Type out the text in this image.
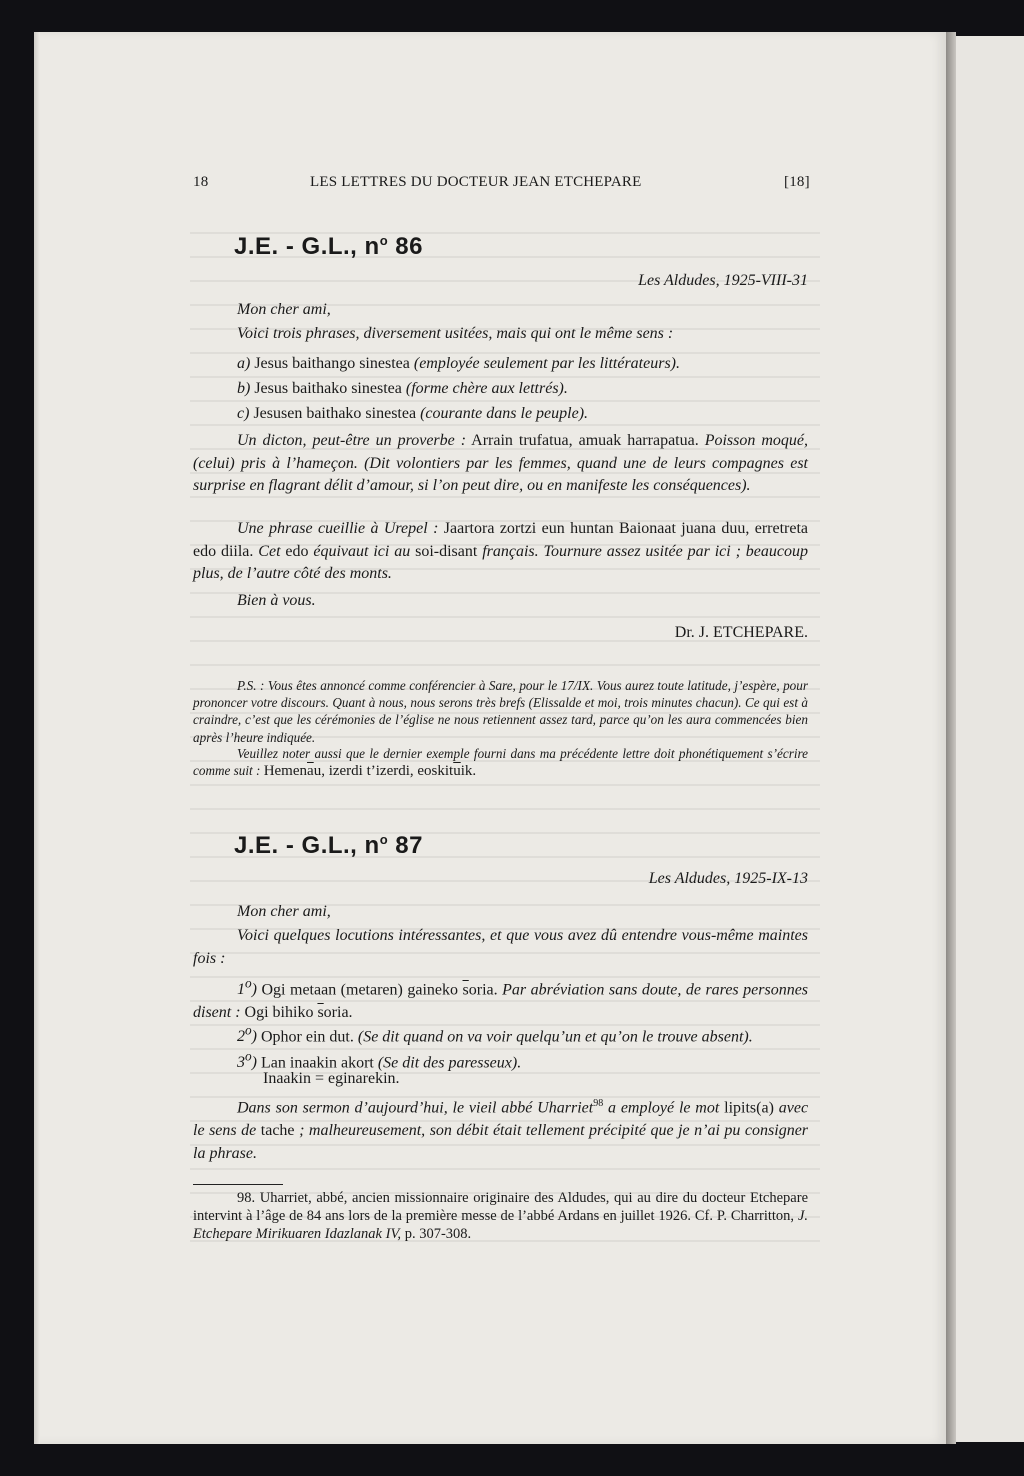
18	LES LETTRES DU DOCTEUR JEAN ETCHEPARE	[18]
J.E. - G.L., $n^o$ 86
Les Aldudes, 1925-VIII-31
Mon cher ami,
Voici trois phrases, diversement usitées, mais qui ont le même sens :
a) Jesus baithango sinestea (employée seulement par les littérateurs).
b) Jesus baithako sinestea (forme chère aux lettrés).
c) Jesusen baithako sinestea (courante dans le peuple).
Un dicton, peut-être un proverbe : Arrain trufatua, amuak harrapatua. Poisson moqué, (celui) pris à l’hameçon. (Dit volontiers par les femmes, quand une de leurs compagnes est surprise en flagrant délit d’amour, si l’on peut dire, ou en manifeste les conséquences).
Une phrase cueillie à Urepel : Jaartora zortzi eun huntan Baionaat juana duu, erretreta edo diila. Cet edo équivaut ici au soi-disant français. Tournure assez usitée par ici ; beaucoup plus, de l’autre côté des monts.
Bien à vous.
Dr. J. ETCHEPARE.
P.S. : Vous êtes annoncé comme conférencier à Sare, pour le 17/IX. Vous aurez toute latitude, j’espère, pour prononcer votre discours. Quant à nous, nous serons très brefs (Elissalde et moi, trois minutes chacun). Ce qui est à craindre, c’est que les cérémonies de l’église ne nous retiennent assez tard, parce qu’on les aura commencées bien après l’heure indiquée.
Veuillez noter aussi que le dernier exemple fourni dans ma précédente lettre doit phonétiquement s’écrire comme suit : $Hemen\overline{a}u$, izerdi t’izerdi, $eoskit\overline{u}ik$.
J.E. - G.L., $n^o$ 87
Les Aldudes, 1925-IX-13
Mon cher ami,
Voici quelques locutions intéressantes, et que vous avez dû entendre vous-même maintes fois :
1$^o$) Ogi metaan (metaren) gaineko $\overline{s}oria$. Par abréviation sans doute, de rares personnes disent : Ogi bihiko $\overline{s}oria$.
2$^o$) Ophor ein dut. (Se dit quand on va voir quelqu’un et qu’on le trouve absent).
3$^o$) Lan inaakin akort (Se dit des paresseux).
Inaakin = eginarekin.
Dans son sermon d’aujourd’hui, le vieil abbé Uharriet$^{98}$ a employé le mot lipits(a) avec le sens de tache ; malheureusement, son débit était tellement précipité que je n’ai pu consigner la phrase.
98. Uharriet, abbé, ancien missionnaire originaire des Aldudes, qui au dire du docteur Etchepare intervint à l’âge de 84 ans lors de la première messe de l’abbé Ardans en juillet 1926. Cf. P. Charritton, J. Etchepare Mirikuaren Idazlanak IV, p. 307-308.
